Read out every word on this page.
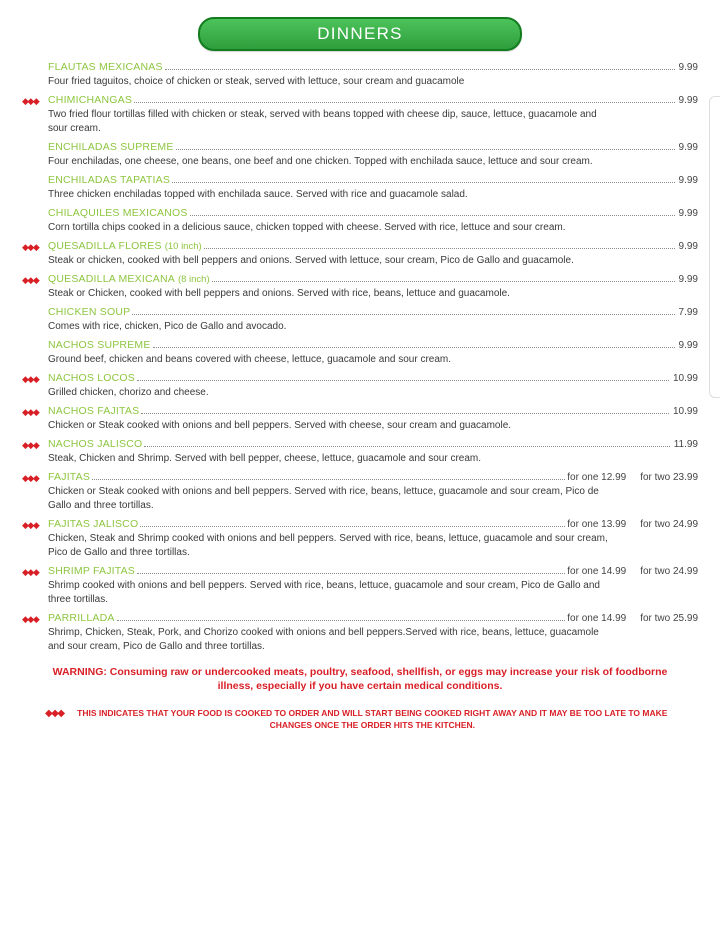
DINNERS
FLAUTAS MEXICANAS	9.99
Four fried taguitos, choice of chicken or steak, served with lettuce, sour cream and guacamole
◆◆◆ CHIMICHANGAS	9.99
Two fried flour tortillas filled with chicken or steak, served with beans topped with cheese dip, sauce, lettuce, guacamole and sour cream.
ENCHILADAS SUPREME	9.99
Four enchiladas, one cheese, one beans, one beef and one chicken. Topped with enchilada sauce, lettuce and sour cream.
ENCHILADAS TAPATIAS	9.99
Three chicken enchiladas topped with enchilada sauce. Served with rice and guacamole salad.
CHILAQUILES MEXICANOS	9.99
Corn tortilla chips cooked in a delicious sauce, chicken topped with cheese. Served with rice, lettuce and sour cream.
◆◆◆ QUESADILLA FLORES (10 inch)	9.99
Steak or chicken, cooked with bell peppers and onions. Served with lettuce, sour cream, Pico de Gallo and guacamole.
◆◆◆ QUESADILLA MEXICANA (8 inch)	9.99
Steak or Chicken, cooked with bell peppers and onions. Served with rice, beans, lettuce and guacamole.
CHICKEN SOUP	7.99
Comes with rice, chicken, Pico de Gallo and avocado.
NACHOS SUPREME	9.99
Ground beef, chicken and beans covered with cheese, lettuce, guacamole and sour cream.
◆◆◆ NACHOS LOCOS	10.99
Grilled chicken, chorizo and cheese.
◆◆◆ NACHOS FAJITAS	10.99
Chicken or Steak cooked with onions and bell peppers. Served with cheese, sour cream and guacamole.
◆◆◆ NACHOS JALISCO	11.99
Steak, Chicken and Shrimp. Served with bell pepper, cheese, lettuce, guacamole and sour cream.
◆◆◆ FAJITAS	for one 12.99 for two 23.99
Chicken or Steak cooked with onions and bell peppers. Served with rice, beans, lettuce, guacamole and sour cream, Pico de Gallo and three tortillas.
◆◆◆ FAJITAS JALISCO	for one 13.99 for two 24.99
Chicken, Steak and Shrimp cooked with onions and bell peppers. Served with rice, beans, lettuce, guacamole and sour cream, Pico de Gallo and three tortillas.
◆◆◆ SHRIMP FAJITAS	for one 14.99 for two 24.99
Shrimp cooked with onions and bell peppers. Served with rice, beans, lettuce, guacamole and sour cream, Pico de Gallo and three tortillas.
◆◆◆ PARRILLADA	for one 14.99 for two 25.99
Shrimp, Chicken, Steak, Pork, and Chorizo cooked with onions and bell peppers.Served with rice, beans, lettuce, guacamole and sour cream, Pico de Gallo and three tortillas.
WARNING: Consuming raw or undercooked meats, poultry, seafood, shellfish, or eggs may increase your risk of foodborne illness, especially if you have certain medical conditions.
◆◆◆	THIS INDICATES THAT YOUR FOOD IS COOKED TO ORDER AND WILL START BEING COOKED RIGHT AWAY AND IT MAY BE TOO LATE TO MAKE CHANGES ONCE THE ORDER HITS THE KITCHEN.
